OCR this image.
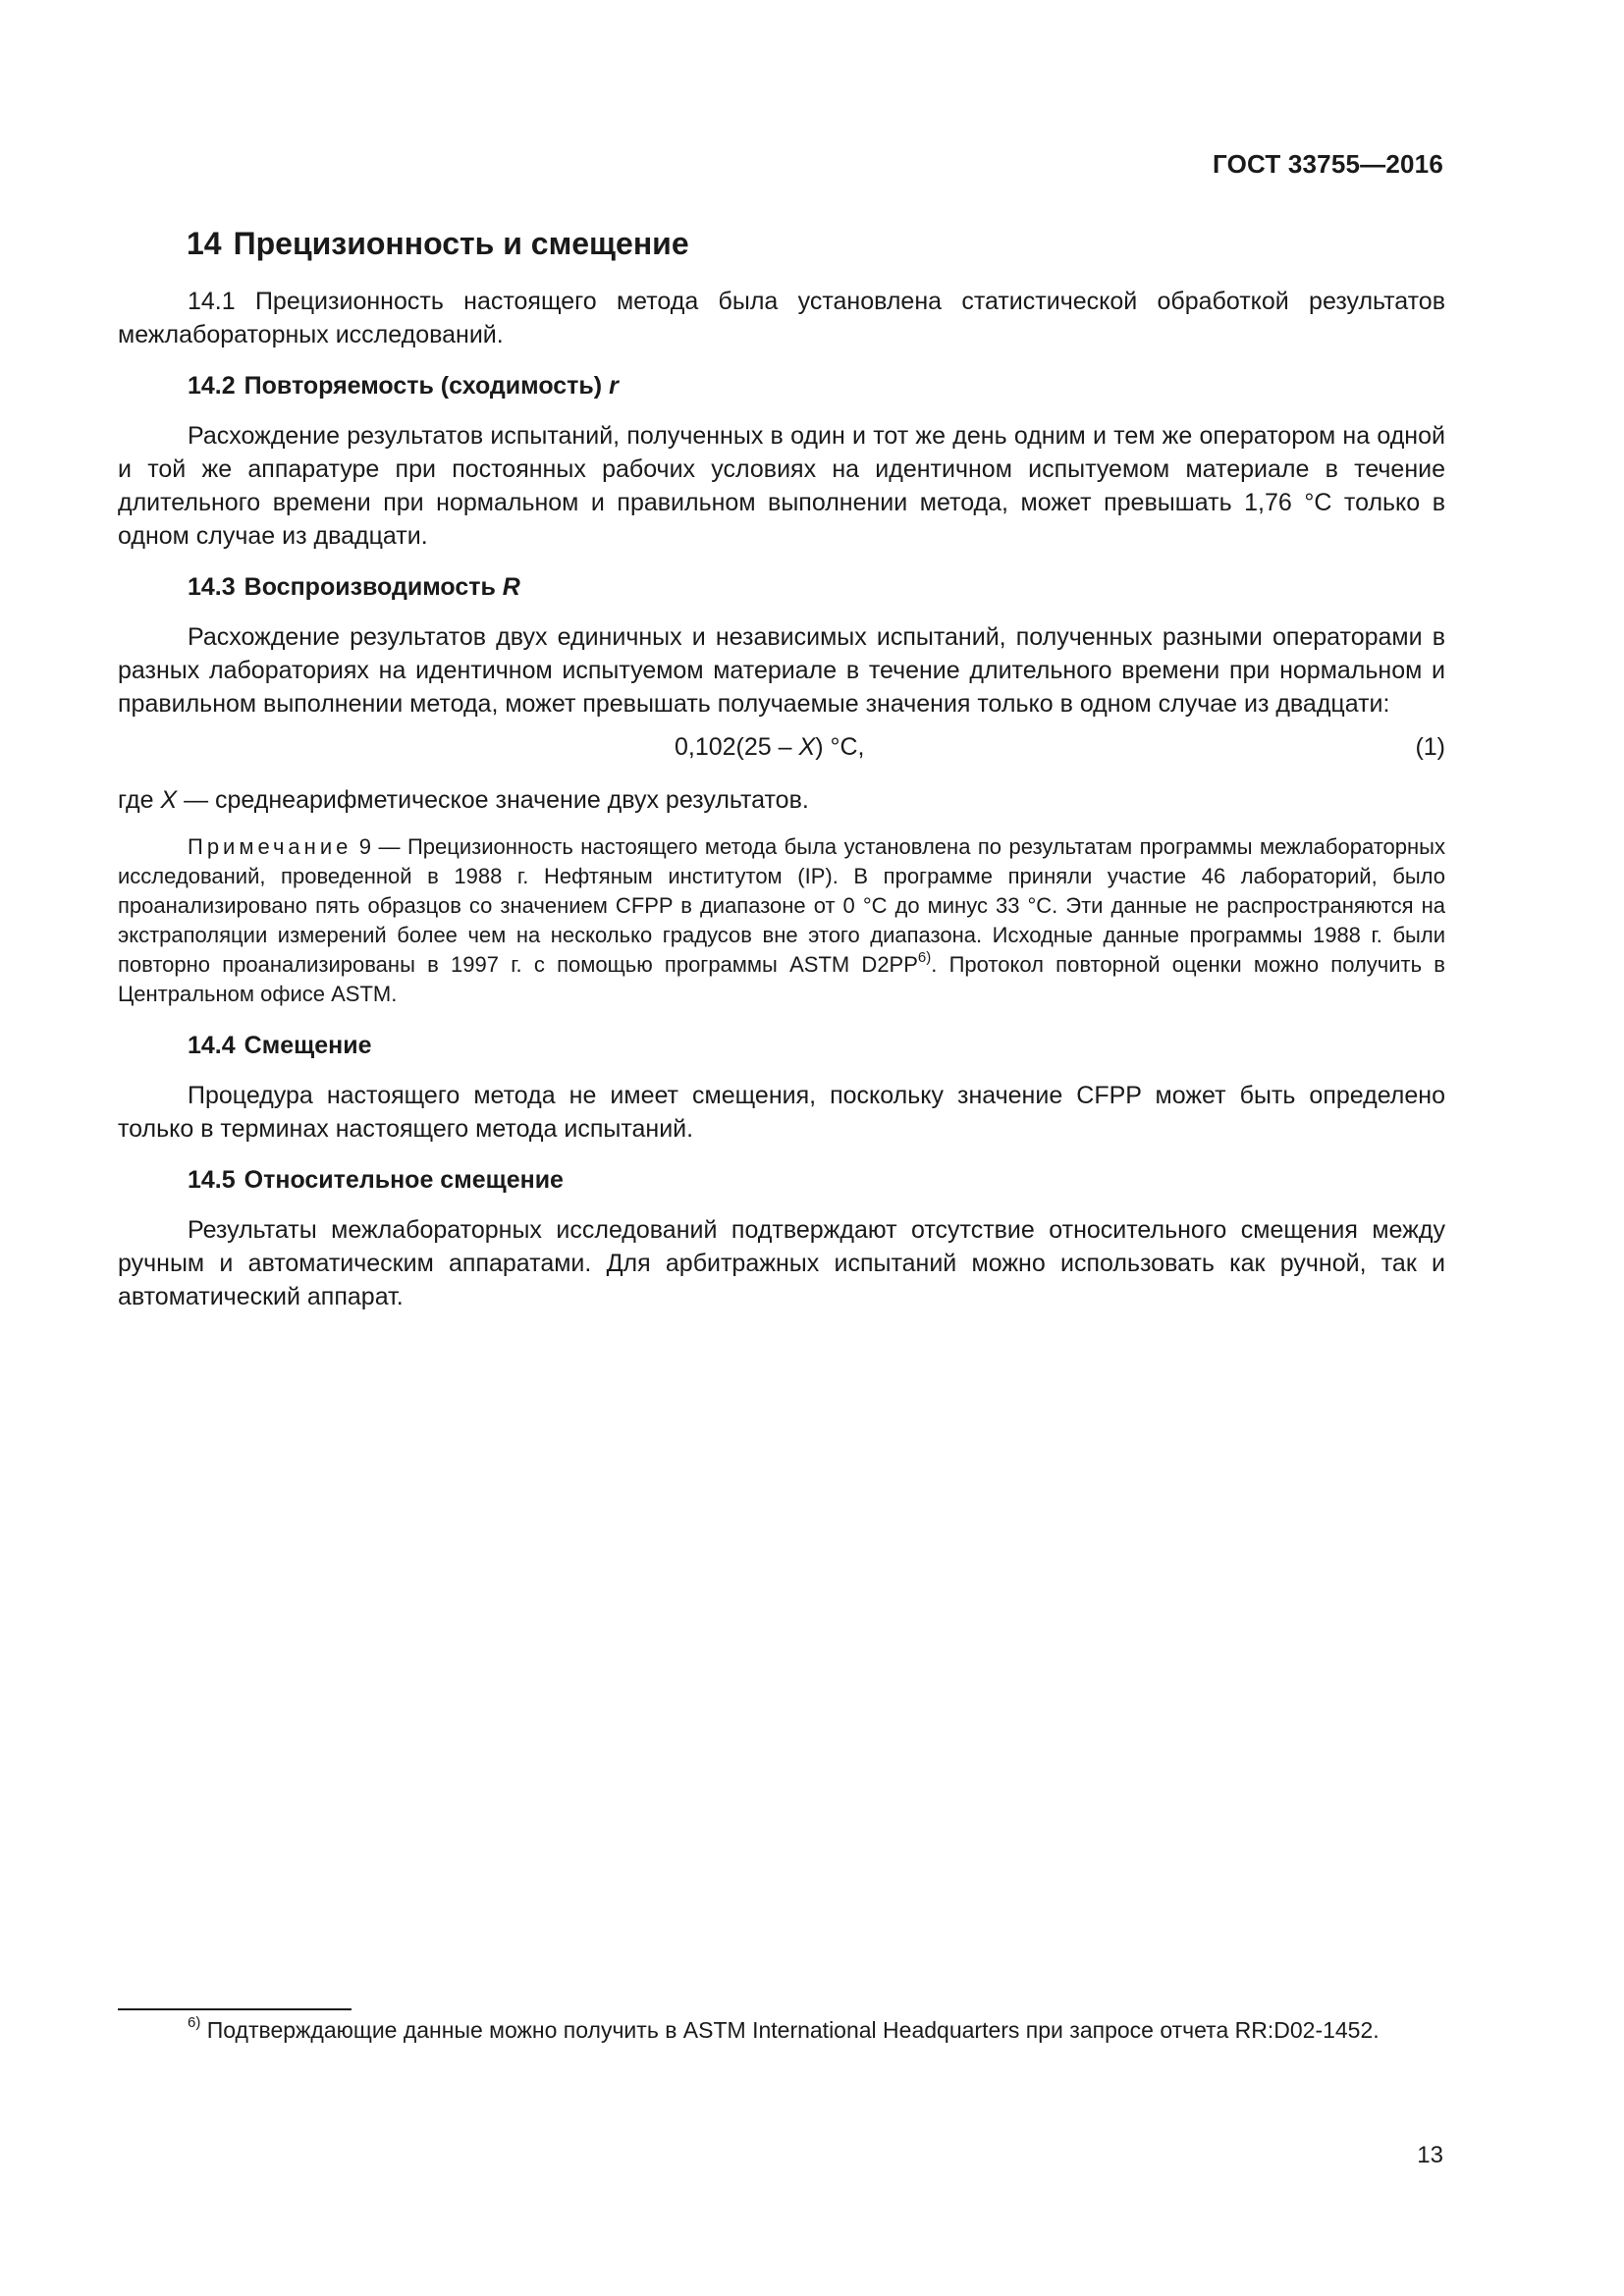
ГОСТ 33755—2016
14 Прецизионность и смещение

14.1 Прецизионность настоящего метода была установлена статистической обработкой результатов межлабораторных исследований.

14.2 Повторяемость (сходимость) r

Расхождение результатов испытаний, полученных в один и тот же день одним и тем же оператором на одной и той же аппаратуре при постоянных рабочих условиях на идентичном испытуемом материале в течение длительного времени при нормальном и правильном выполнении метода, может превышать 1,76 °С только в одном случае из двадцати.

14.3 Воспроизводимость R

Расхождение результатов двух единичных и независимых испытаний, полученных разными операторами в разных лабораториях на идентичном испытуемом материале в течение длительного времени при нормальном и правильном выполнении метода, может превышать получаемые значения только в одном случае из двадцати:

0,102(25 – X) °С,	(1)

где X — среднеарифметическое значение двух результатов.

Примечание 9 — Прецизионность настоящего метода была установлена по результатам программы межлабораторных исследований, проведенной в 1988 г. Нефтяным институтом (IP). В программе приняли участие 46 лабораторий, было проанализировано пять образцов со значением CFPP в диапазоне от 0 °С до минус 33 °С. Эти данные не распространяются на экстраполяции измерений более чем на несколько градусов вне этого диапазона. Исходные данные программы 1988 г. были повторно проанализированы в 1997 г. с помощью программы ASTM D2PP$^{6)}$. Протокол повторной оценки можно получить в Центральном офисе ASTM.

14.4 Смещение

Процедура настоящего метода не имеет смещения, поскольку значение CFPP может быть определено только в терминах настоящего метода испытаний.

14.5 Относительное смещение

Результаты межлабораторных исследований подтверждают отсутствие относительного смещения между ручным и автоматическим аппаратами. Для арбитражных испытаний можно использовать как ручной, так и автоматический аппарат.

$^{6)}$ Подтверждающие данные можно получить в ASTM International Headquarters при запросе отчета RR:D02-1452.

13
